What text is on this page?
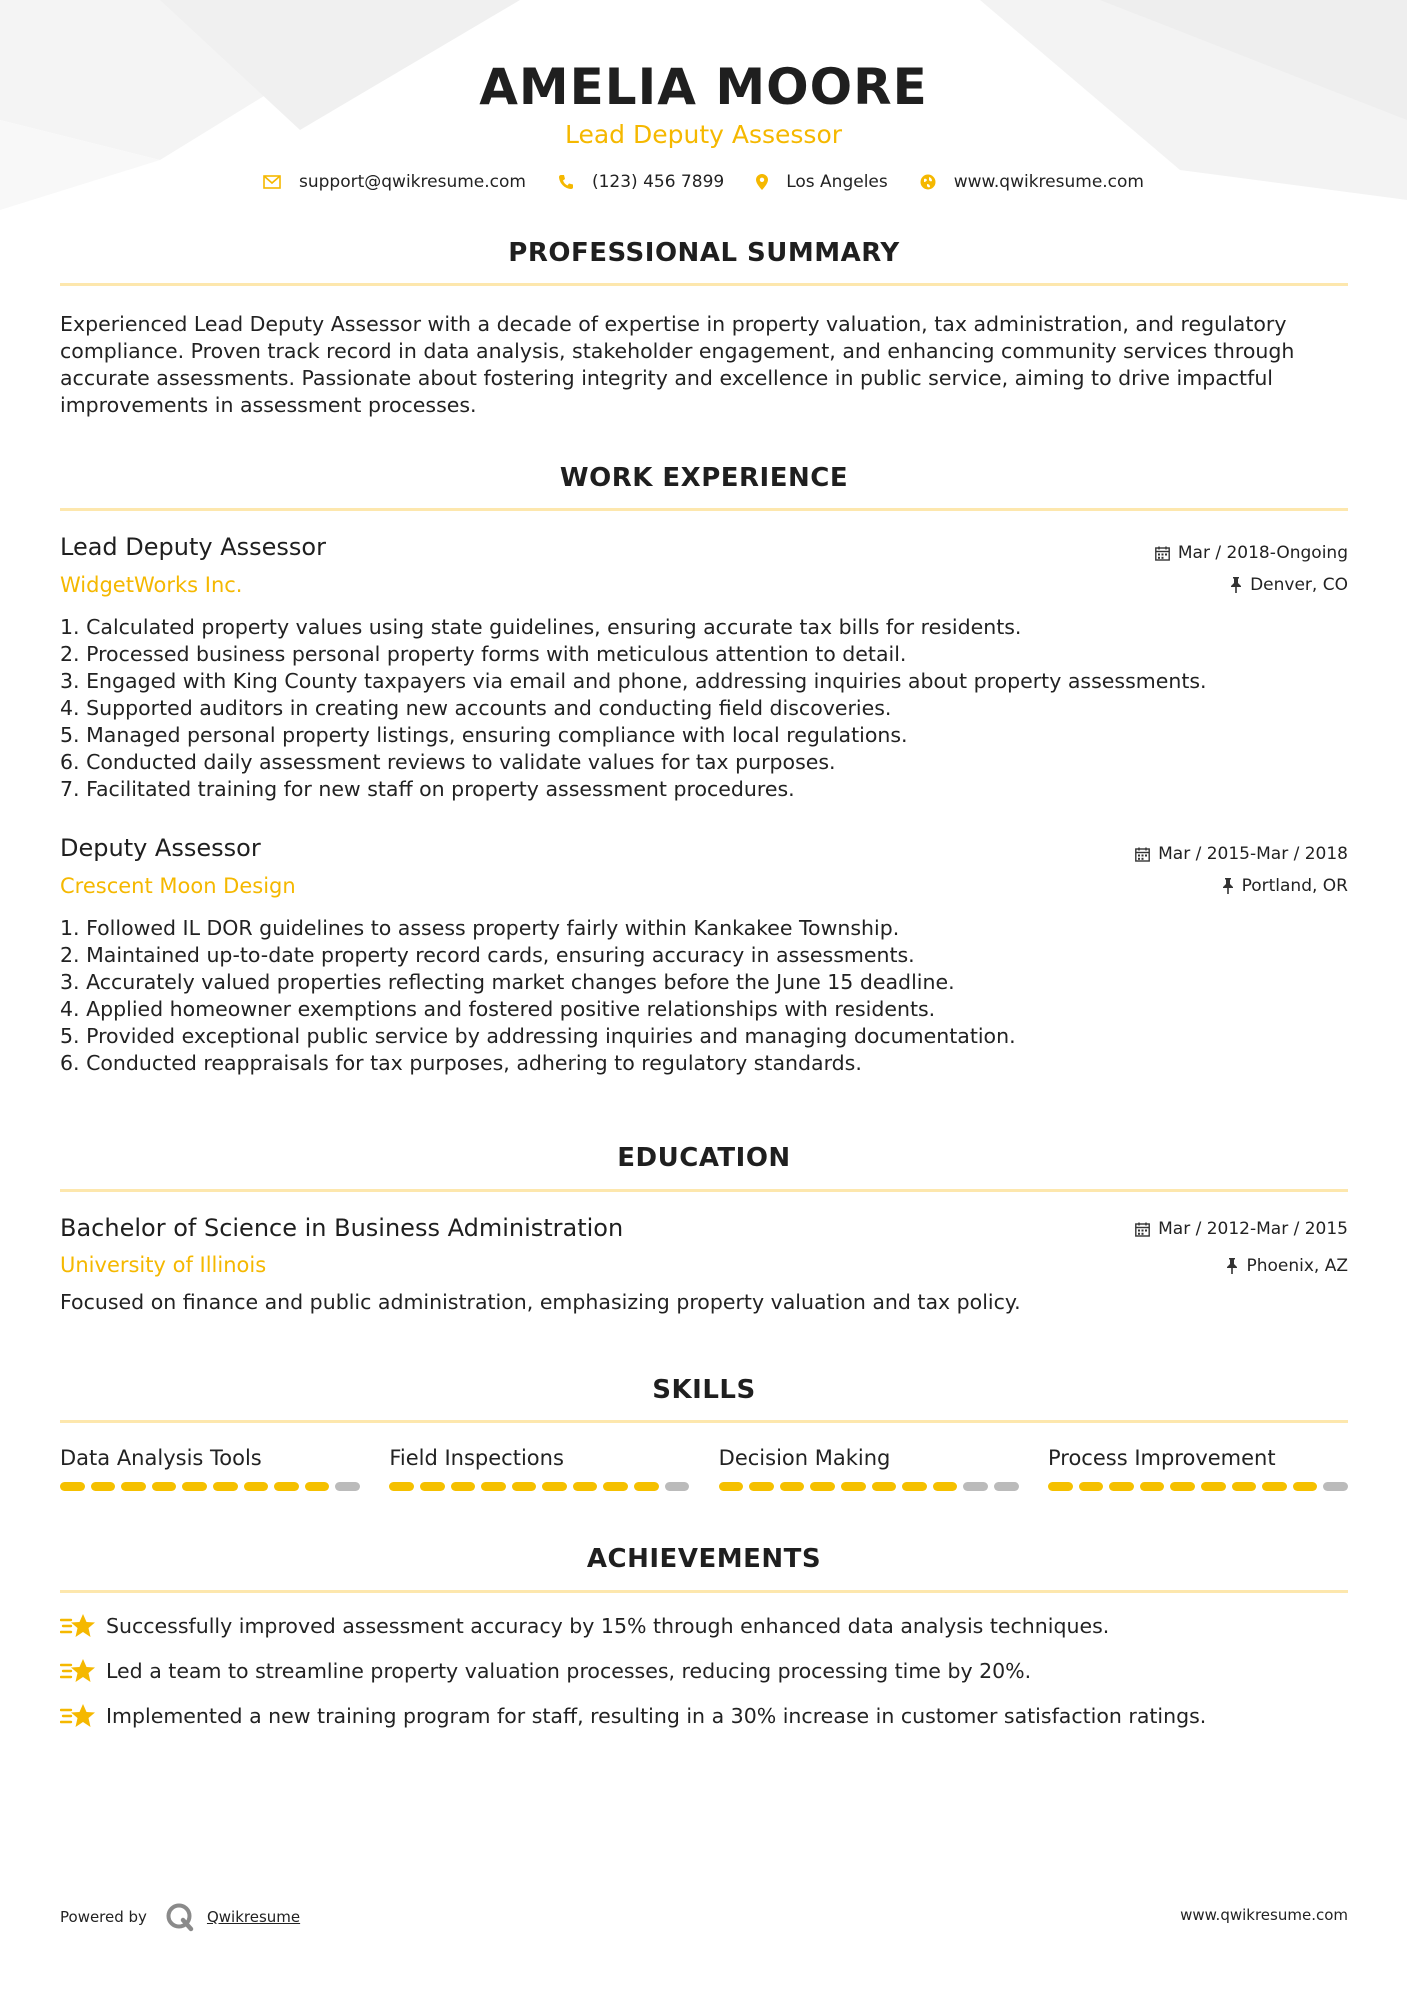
AMELIA MOORE
Lead Deputy Assessor
support@qwikresume.com	(123) 456 7899	Los Angeles	www.qwikresume.com
PROFESSIONAL SUMMARY
Experienced Lead Deputy Assessor with a decade of expertise in property valuation, tax administration, and regulatory
compliance. Proven track record in data analysis, stakeholder engagement, and enhancing community services through
accurate assessments. Passionate about fostering integrity and excellence in public service, aiming to drive impactful
improvements in assessment processes.
WORK EXPERIENCE
Lead Deputy Assessor
WidgetWorks Inc.
Mar / 2018-Ongoing
Denver, CO
1. Calculated property values using state guidelines, ensuring accurate tax bills for residents.
2. Processed business personal property forms with meticulous attention to detail.
3. Engaged with King County taxpayers via email and phone, addressing inquiries about property assessments.
4. Supported auditors in creating new accounts and conducting field discoveries.
5. Managed personal property listings, ensuring compliance with local regulations.
6. Conducted daily assessment reviews to validate values for tax purposes.
7. Facilitated training for new staff on property assessment procedures.
Deputy Assessor
Crescent Moon Design
Mar / 2015-Mar / 2018
Portland, OR
1. Followed IL DOR guidelines to assess property fairly within Kankakee Township.
2. Maintained up-to-date property record cards, ensuring accuracy in assessments.
3. Accurately valued properties reflecting market changes before the June 15 deadline.
4. Applied homeowner exemptions and fostered positive relationships with residents.
5. Provided exceptional public service by addressing inquiries and managing documentation.
6. Conducted reappraisals for tax purposes, adhering to regulatory standards.
EDUCATION
Bachelor of Science in Business Administration
University of Illinois
Mar / 2012-Mar / 2015
Phoenix, AZ
Focused on finance and public administration, emphasizing property valuation and tax policy.
SKILLS
Data Analysis Tools	Field Inspections	Decision Making	Process Improvement
ACHIEVEMENTS
Successfully improved assessment accuracy by 15% through enhanced data analysis techniques.
Led a team to streamline property valuation processes, reducing processing time by 20%.
Implemented a new training program for staff, resulting in a 30% increase in customer satisfaction ratings.
Powered by	Qwikresume	www.qwikresume.com
